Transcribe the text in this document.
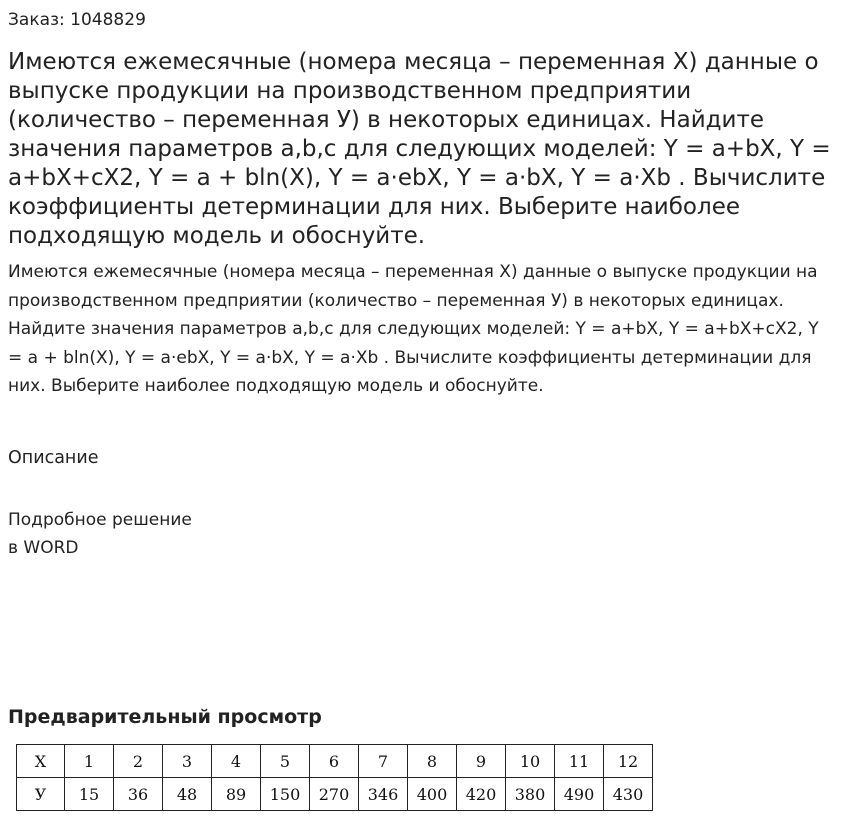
Заказ: 1048829
Имеются ежемесячные (номера месяца – переменная Х) данные о выпуске продукции на производственном предприятии (количество – переменная У) в некоторых единицах. Найдите значения параметров a,b,c для следующих моделей: Y = a+bX, Y = a+bX+cX2, Y = a + bln(X), Y = a·ebX, Y = a·bX, Y = a·Xb . Вычислите коэффициенты детерминации для них. Выберите наиболее подходящую модель и обоснуйте.

Имеются ежемесячные (номера месяца – переменная Х) данные о выпуске продукции на производственном предприятии (количество – переменная У) в некоторых единицах. Найдите значения параметров a,b,c для следующих моделей: Y = a+bX, Y = a+bX+cX2, Y = a + bln(X), Y = a·ebX, Y = a·bX, Y = a·Xb . Вычислите коэффициенты детерминации для них. Выберите наиболее подходящую модель и обоснуйте.

Описание
Подробное решение
в WORD
Предварительный просмотр
Х	1	2	3	4	5	6	7	8	9	10	11	12
У	15	36	48	89	150	270	346	400	420	380	490	430
